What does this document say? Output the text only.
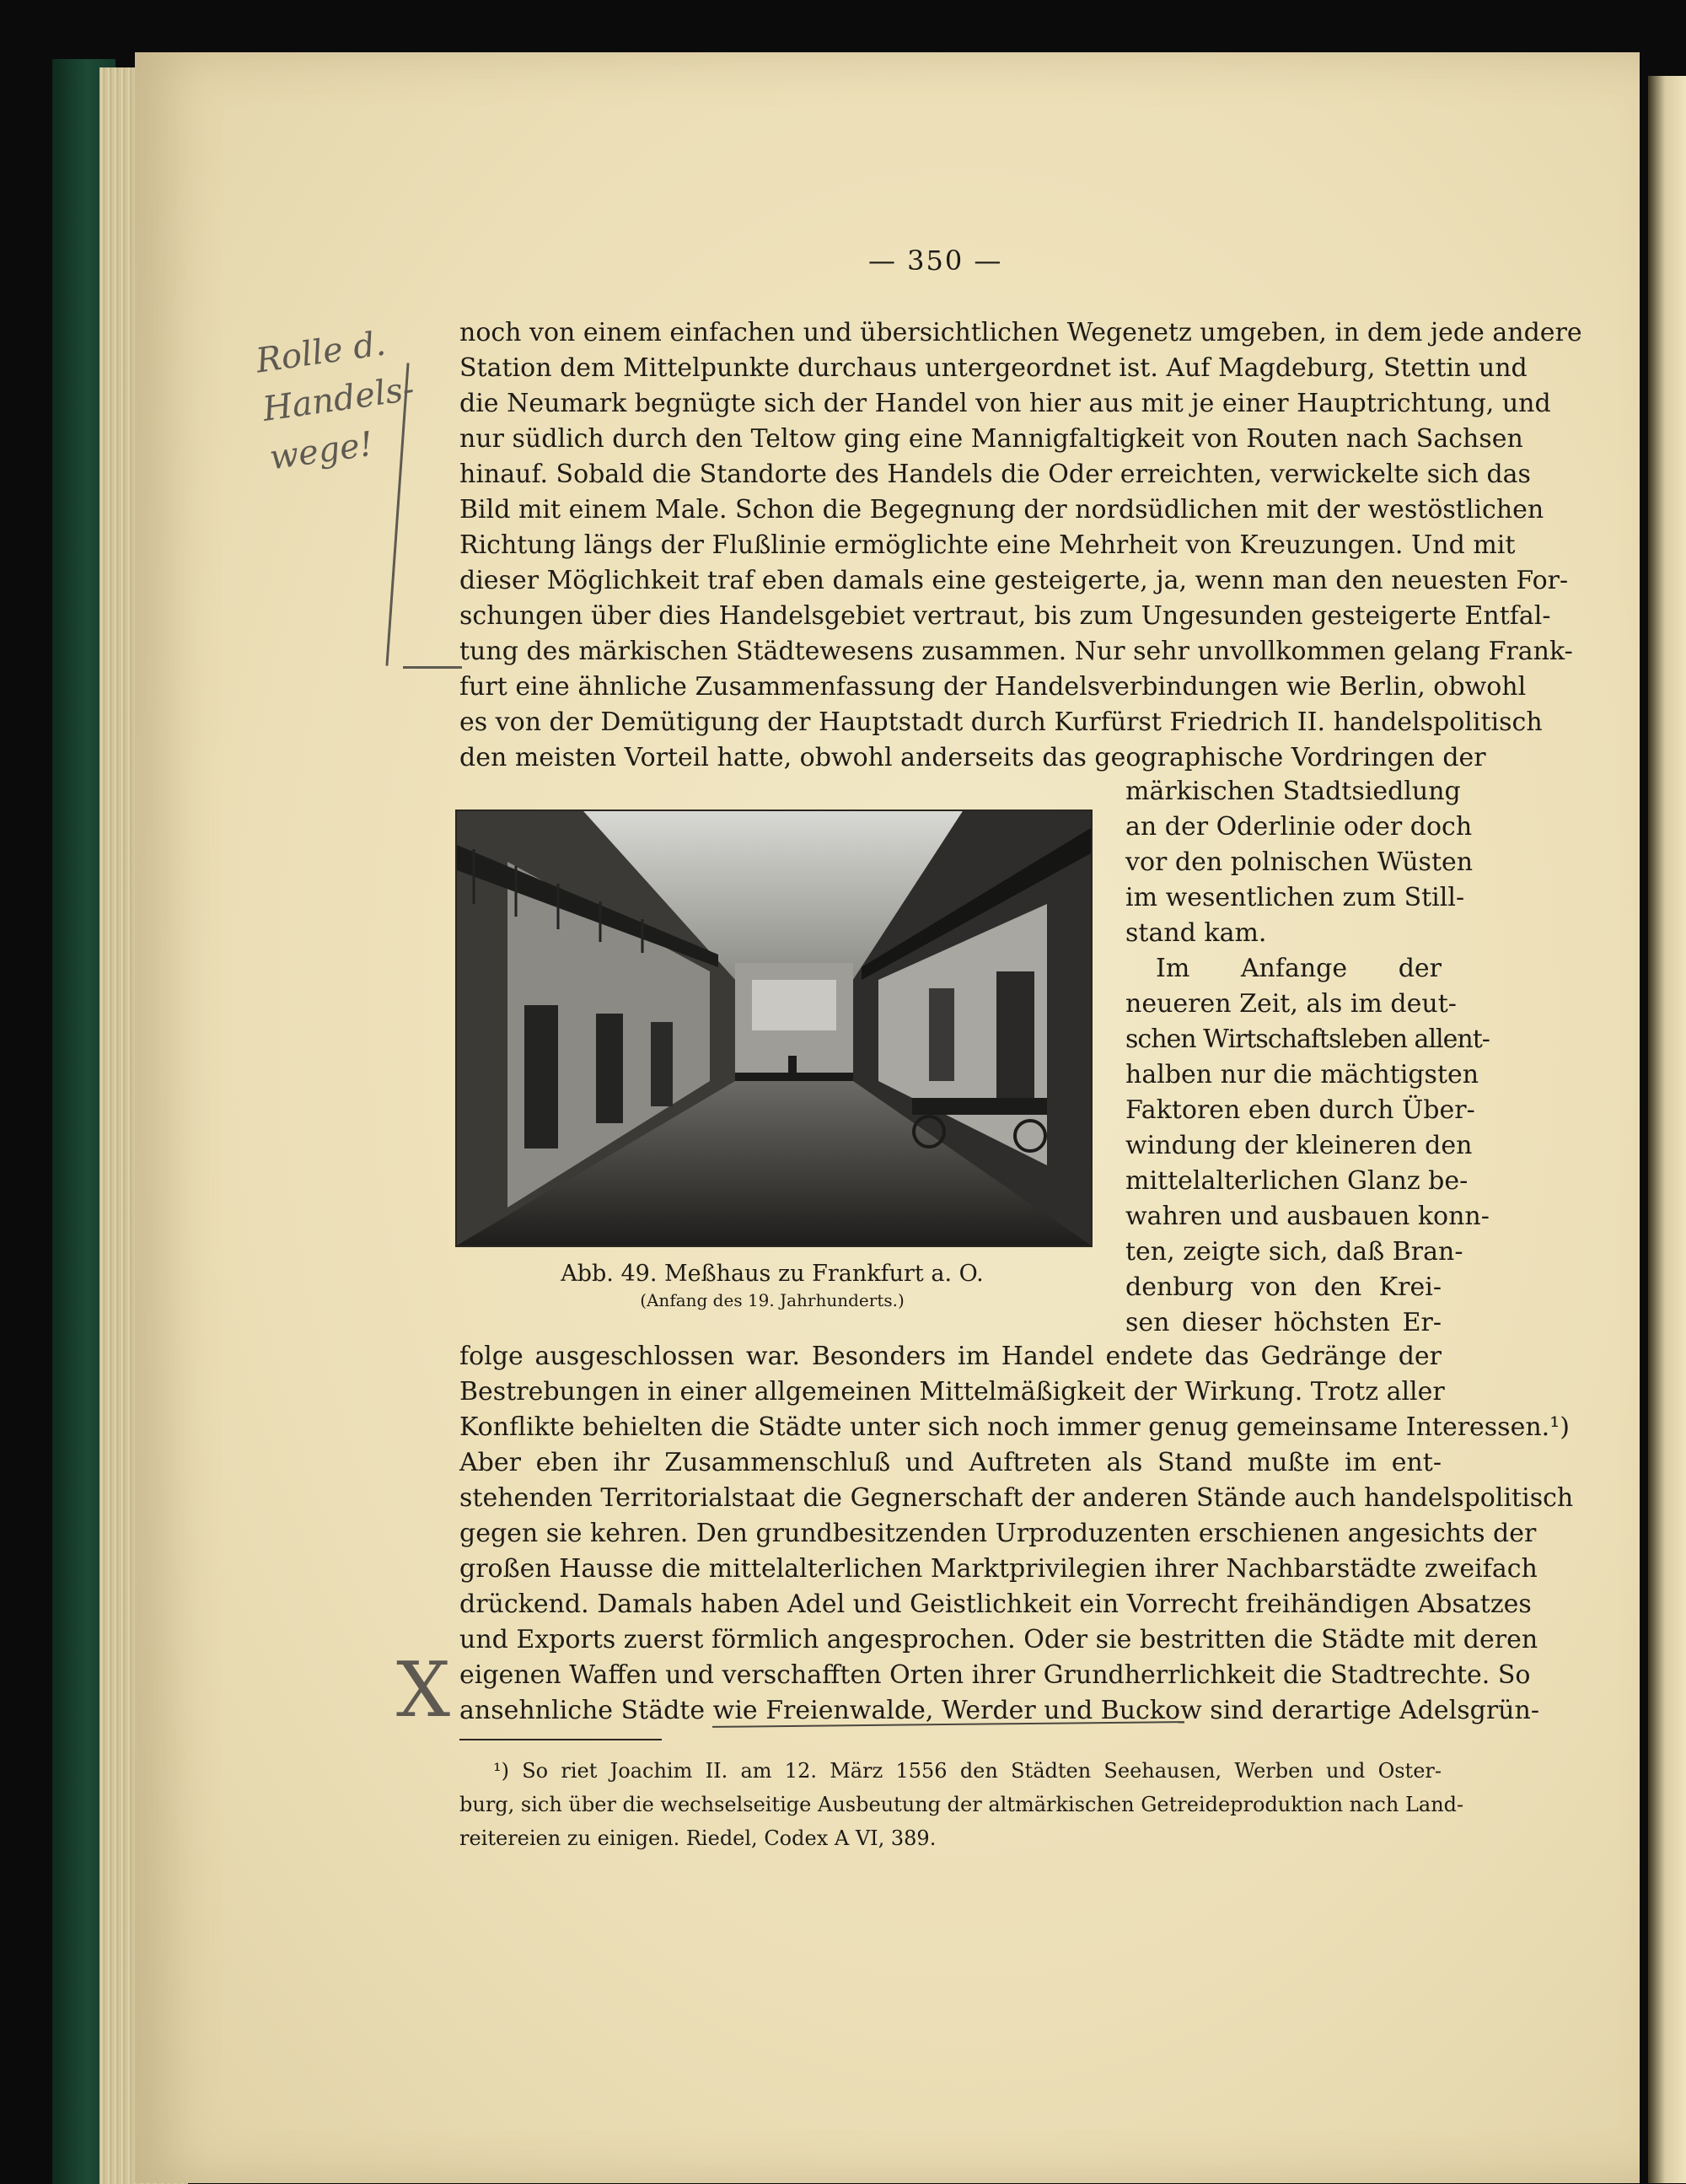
— 350 —
Rolle d.
Handels-
wege!
X
noch von einem einfachen und übersichtlichen Wegenetz umgeben, in dem jede andere
Station dem Mittelpunkte durchaus untergeordnet ist. Auf Magdeburg, Stettin und
die Neumark begnügte sich der Handel von hier aus mit je einer Hauptrichtung, und
nur südlich durch den Teltow ging eine Mannigfaltigkeit von Routen nach Sachsen
hinauf. Sobald die Standorte des Handels die Oder erreichten, verwickelte sich das
Bild mit einem Male. Schon die Begegnung der nordsüdlichen mit der westöstlichen
Richtung längs der Flußlinie ermöglichte eine Mehrheit von Kreuzungen. Und mit
dieser Möglichkeit traf eben damals eine gesteigerte, ja, wenn man den neuesten For-
schungen über dies Handelsgebiet vertraut, bis zum Ungesunden gesteigerte Entfal-
tung des märkischen Städtewesens zusammen. Nur sehr unvollkommen gelang Frank-
furt eine ähnliche Zusammenfassung der Handelsverbindungen wie Berlin, obwohl
es von der Demütigung der Hauptstadt durch Kurfürst Friedrich II. handelspolitisch
den meisten Vorteil hatte, obwohl anderseits das geographische Vordringen der
Abb. 49. Meßhaus zu Frankfurt a. O.
(Anfang des 19. Jahrhunderts.)
märkischen Stadtsiedlung
an der Oderlinie oder doch
vor den polnischen Wüsten
im wesentlichen zum Still-
stand kam.
Im Anfange der
neueren Zeit, als im deut-
schen Wirtschaftsleben allent-
halben nur die mächtigsten
Faktoren eben durch Über-
windung der kleineren den
mittelalterlichen Glanz be-
wahren und ausbauen konn-
ten, zeigte sich, daß Bran-
denburg von den Krei-
sen dieser höchsten Er-
folge ausgeschlossen war. Besonders im Handel endete das Gedränge der
Bestrebungen in einer allgemeinen Mittelmäßigkeit der Wirkung. Trotz aller
Konflikte behielten die Städte unter sich noch immer genug gemeinsame Interessen.¹)
Aber eben ihr Zusammenschluß und Auftreten als Stand mußte im ent-
stehenden Territorialstaat die Gegnerschaft der anderen Stände auch handelspolitisch
gegen sie kehren. Den grundbesitzenden Urproduzenten erschienen angesichts der
großen Hausse die mittelalterlichen Marktprivilegien ihrer Nachbarstädte zweifach
drückend. Damals haben Adel und Geistlichkeit ein Vorrecht freihändigen Absatzes
und Exports zuerst förmlich angesprochen. Oder sie bestritten die Städte mit deren
eigenen Waffen und verschafften Orten ihrer Grundherrlichkeit die Stadtrechte. So
ansehnliche Städte wie Freienwalde, Werder und Buckow sind derartige Adelsgrün-
¹) So riet Joachim II. am 12. März 1556 den Städten Seehausen, Werben und Oster-
burg, sich über die wechselseitige Ausbeutung der altmärkischen Getreideproduktion nach Land-
reitereien zu einigen. Riedel, Codex A VI, 389.
